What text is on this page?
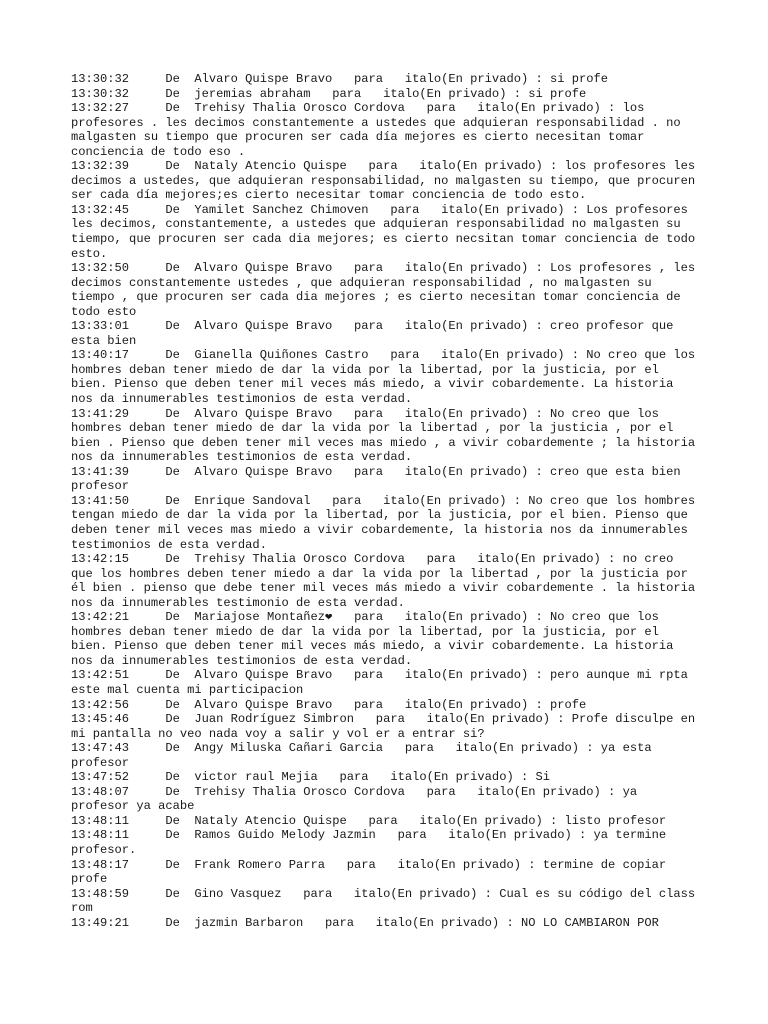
13:30:32     De  Alvaro Quispe Bravo   para   italo(En privado) : si profe

13:30:32     De  jeremias abraham   para   italo(En privado) : si profe

13:32:27     De  Trehisy Thalia Orosco Cordova   para   italo(En privado) : los profesores . les decimos constantemente a ustedes que adquieran responsabilidad . no malgasten su tiempo que procuren ser cada día mejores es cierto necesitan tomar conciencia de todo eso .

13:32:39     De  Nataly Atencio Quispe   para   italo(En privado) : los profesores les decimos a ustedes, que adquieran responsabilidad, no malgasten su tiempo, que procuren ser cada día mejores;es cierto necesitar tomar conciencia de todo esto.

13:32:45     De  Yamilet Sanchez Chimoven   para   italo(En privado) : Los profesores les decimos, constantemente, a ustedes que adquieran responsabilidad no malgasten su tiempo, que procuren ser cada dia mejores; es cierto necsitan tomar conciencia de todo esto.

13:32:50     De  Alvaro Quispe Bravo   para   italo(En privado) : Los profesores , les decimos constantemente ustedes , que adquieran responsabilidad , no malgasten su tiempo , que procuren ser cada dia mejores ; es cierto necesitan tomar conciencia de todo esto

13:33:01     De  Alvaro Quispe Bravo   para   italo(En privado) : creo profesor que esta bien

13:40:17     De  Gianella Quiñones Castro   para   italo(En privado) : No creo que los hombres deban tener miedo de dar la vida por la libertad, por la justicia, por el bien. Pienso que deben tener mil veces más miedo, a vivir cobardemente. La historia nos da innumerables testimonios de esta verdad.

13:41:29     De  Alvaro Quispe Bravo   para   italo(En privado) : No creo que los hombres deban tener miedo de dar la vida por la libertad , por la justicia , por el bien . Pienso que deben tener mil veces mas miedo , a vivir cobardemente ; la historia nos da innumerables testimonios de esta verdad.

13:41:39     De  Alvaro Quispe Bravo   para   italo(En privado) : creo que esta bien profesor

13:41:50     De  Enrique Sandoval   para   italo(En privado) : No creo que los hombres tengan miedo de dar la vida por la libertad, por la justicia, por el bien. Pienso que deben tener mil veces mas miedo a vivir cobardemente, la historia nos da innumerables testimonios de esta verdad.

13:42:15     De  Trehisy Thalia Orosco Cordova   para   italo(En privado) : no creo que los hombres deben tener miedo a dar la vida por la libertad , por la justicia por él bien . pienso que debe tener mil veces más miedo a vivir cobardemente . la historia nos da innumerables testimonio de esta verdad.

13:42:21     De  Mariajose Montañez❤   para   italo(En privado) : No creo que los hombres deban tener miedo de dar la vida por la libertad, por la justicia, por el bien. Pienso que deben tener mil veces más miedo, a vivir cobardemente. La historia nos da innumerables testimonios de esta verdad.

13:42:51     De  Alvaro Quispe Bravo   para   italo(En privado) : pero aunque mi rpta este mal cuenta mi participacion

13:42:56     De  Alvaro Quispe Bravo   para   italo(En privado) : profe

13:45:46     De  Juan Rodríguez Simbron   para   italo(En privado) : Profe disculpe en mi pantalla no veo nada voy a salir y vol er a entrar si?

13:47:43     De  Angy Miluska Cañari Garcia   para   italo(En privado) : ya esta profesor

13:47:52     De  victor raul Mejia   para   italo(En privado) : Si

13:48:07     De  Trehisy Thalia Orosco Cordova   para   italo(En privado) : ya profesor ya acabe

13:48:11     De  Nataly Atencio Quispe   para   italo(En privado) : listo profesor

13:48:11     De  Ramos Guido Melody Jazmin   para   italo(En privado) : ya termine profesor.

13:48:17     De  Frank Romero Parra   para   italo(En privado) : termine de copiar profe

13:48:59     De  Gino Vasquez   para   italo(En privado) : Cual es su código del class rom

13:49:21     De  jazmin Barbaron   para   italo(En privado) : NO LO CAMBIARON POR
